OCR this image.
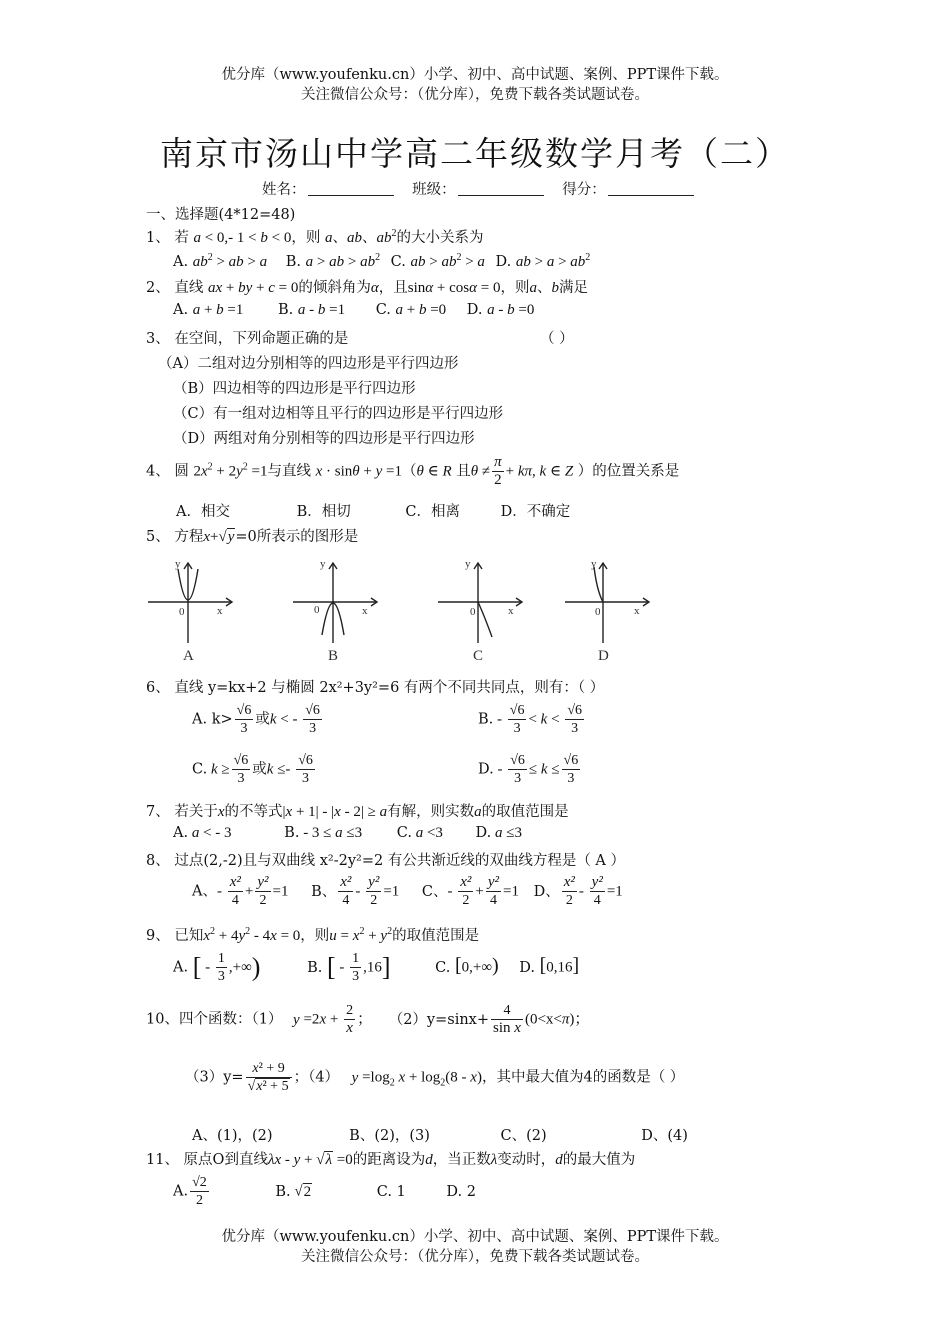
优分库（www.youfenku.cn）小学、初中、高中试题、案例、PPT课件下载。
关注微信公众号：（优分库），免费下载各类试题试卷。
南京市汤山中学高二年级数学月考（二）
姓名：	班级：	得分：
一、选择题(4*12=48)
1、 若 a < 0,- 1 < b < 0，则 a、ab、$ab^2$的大小关系为
A. $ab^2$ > ab > a B. a > ab > $ab^2$ C. ab > $ab^2 > a$ D. ab > $a > ab^2$
2、 直线 ax + by + c = 0的倾斜角为α，且sinα + cosα = 0，则a、b满足
A. a + b =1 B. a - b =1 C. a + b =0 D. a - b =0
3、 在空间，下列命题正确的是	（ ）
（A）二组对边分别相等的四边形是平行四边形
（B）四边相等的四边形是平行四边形
（C）有一组对边相等且平行的四边形是平行四边形
（D）两组对角分别相等的四边形是平行四边形
4、 圆 $2x^2 + 2y^2 =1$与直线 x · sinθ + y =1（θ ∈ R 且$\theta \ne \frac{\pi}{2} + k\pi$, k ∈ Z ）的位置关系是
A．相交	B．相切	C．相离	D．不确定
5、 方程x+√y=0所表示的图形是
y
0	x
y
0	x
y
0	x
y
0	x
A	B	C	D
6、 直线 y=kx+2 与椭圆 2x²+3y²=6 有两个不同共同点，则有：（ ）
A. $k> \frac{√6}{3}$ 或k < - $\frac{√6}{3}$	B. - $\frac{√6}{3} < k < \frac{√6}{3}$
C. $k \ge \frac{√6}{3}$ 或$k \le- \frac{√6}{3}$	D. - $\frac{√6}{3} \le k \le \frac{√6}{3}$
7、 若关于x的不等式|x + 1| - |x - 2| ≥ a有解，则实数a的取值范围是
A. a < - 3	B. - 3 ≤ a ≤3 C. a <3 D. a ≤3
8、 过点(2,-2)且与双曲线 x²-2y²=2 有公共渐近线的双曲线方程是（ A ）
A、- $\frac{\text{x²}}{4} + \frac{\text{y²}}{2} =1$ B、 $\frac{\text{x²}}{4} - \frac{\text{y²}}{2} =1$ C、- $\frac{\text{x²}}{2} + \frac{\text{y²}}{4} =1$ D、 $\frac{\text{x²}}{2} - \frac{\text{y²}}{4} =1$
9、 已知$x^2 + 4y^2 - 4x = 0$，则$u = x^2 + y^2$的取值范围是
A. [ - $\frac{1}{3}$ ,+∞)	B. [ - $\frac{1}{3} ,16$]	C. [0,+∞) D. [0,16]
10、四个函数：（1） $y =2x + \frac{2}{x}$ ； $(2)y=\sin x+ \frac{4}{\text{sin x}} (0<x<\pi)$；
$(3)y= \frac{\text{x² + 9}}{\text{√x² + 5}}$ ；（4） $y =\log_2$ $x + \log_2(8 - x)$，其中最大值为4的函数是（ ）
A、(1)，(2)	B、(2)，(3)	C、(2)	D、(4)
11、 原点O到直线λx - y + √λ =0的距离设为d，当正数λ变动时，d的最大值为
A. $\frac{√2}{2}$	B. √2	C. 1	D. 2
优分库（www.youfenku.cn）小学、初中、高中试题、案例、PPT课件下载。
关注微信公众号：（优分库），免费下载各类试题试卷。
